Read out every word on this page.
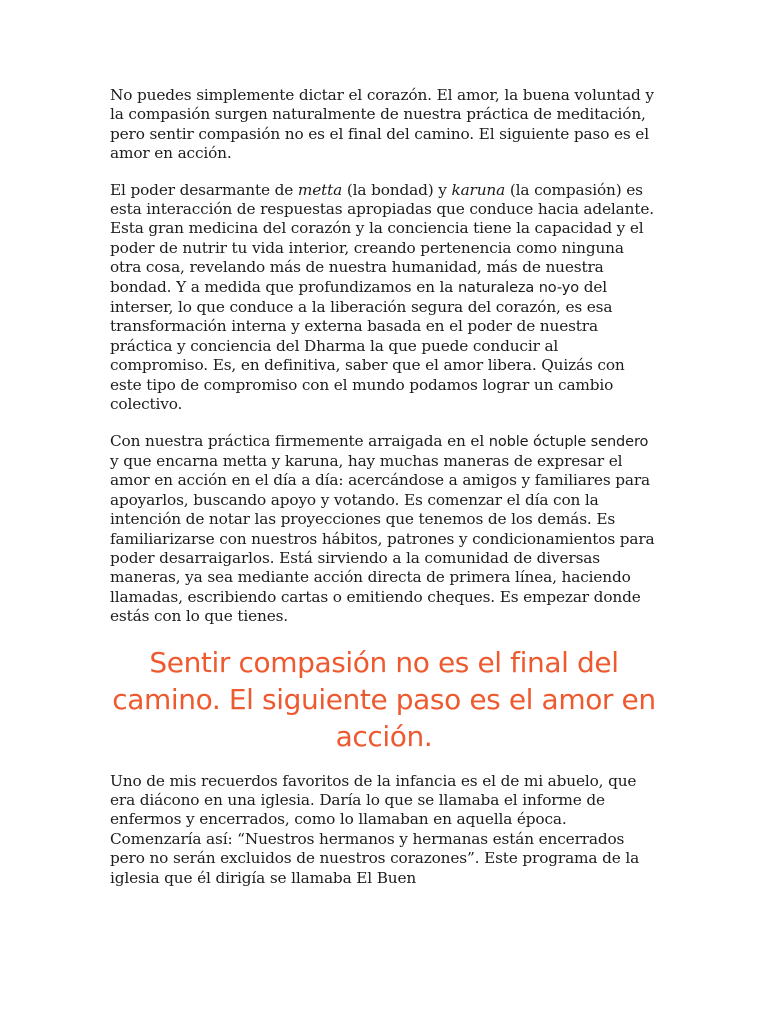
No puedes simplemente dictar el corazón. El amor, la buena voluntad y la compasión surgen naturalmente de nuestra práctica de meditación, pero sentir compasión no es el final del camino. El siguiente paso es el amor en acción.

El poder desarmante de metta (la bondad) y karuna (la compasión) es esta interacción de respuestas apropiadas que conduce hacia adelante. Esta gran medicina del corazón y la conciencia tiene la capacidad y el poder de nutrir tu vida interior, creando pertenencia como ninguna otra cosa, revelando más de nuestra humanidad, más de nuestra bondad. Y a medida que profundizamos en la naturaleza no-yo del interser, lo que conduce a la liberación segura del corazón, es esa transformación interna y externa basada en el poder de nuestra práctica y conciencia del Dharma la que puede conducir al compromiso. Es, en definitiva, saber que el amor libera. Quizás con este tipo de compromiso con el mundo podamos lograr un cambio colectivo.

Con nuestra práctica firmemente arraigada en el noble óctuple sendero y que encarna metta y karuna, hay muchas maneras de expresar el amor en acción en el día a día: acercándose a amigos y familiares para apoyarlos, buscando apoyo y votando. Es comenzar el día con la intención de notar las proyecciones que tenemos de los demás. Es familiarizarse con nuestros hábitos, patrones y condicionamientos para poder desarraigarlos. Está sirviendo a la comunidad de diversas maneras, ya sea mediante acción directa de primera línea, haciendo llamadas, escribiendo cartas o emitiendo cheques. Es empezar donde estás con lo que tienes.

Sentir compasión no es el final del camino. El siguiente paso es el amor en acción.

Uno de mis recuerdos favoritos de la infancia es el de mi abuelo, que era diácono en una iglesia. Daría lo que se llamaba el informe de enfermos y encerrados, como lo llamaban en aquella época. Comenzaría así: “Nuestros hermanos y hermanas están encerrados pero no serán excluidos de nuestros corazones”. Este programa de la iglesia que él dirigía se llamaba El Buen
